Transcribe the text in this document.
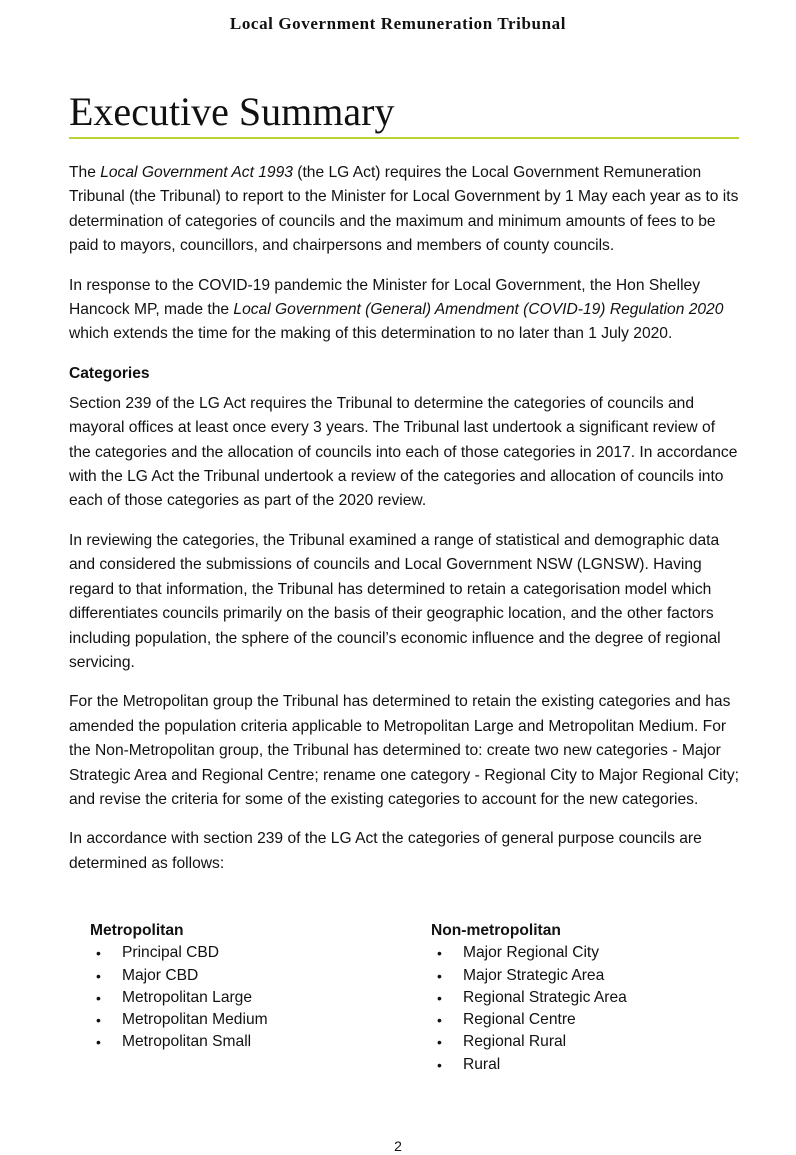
Local Government Remuneration Tribunal
Executive Summary

The Local Government Act 1993 (the LG Act) requires the Local Government Remuneration Tribunal (the Tribunal) to report to the Minister for Local Government by 1 May each year as to its determination of categories of councils and the maximum and minimum amounts of fees to be paid to mayors, councillors, and chairpersons and members of county councils.

In response to the COVID-19 pandemic the Minister for Local Government, the Hon Shelley Hancock MP, made the Local Government (General) Amendment (COVID-19) Regulation 2020 which extends the time for the making of this determination to no later than 1 July 2020.

Categories

Section 239 of the LG Act requires the Tribunal to determine the categories of councils and mayoral offices at least once every 3 years. The Tribunal last undertook a significant review of the categories and the allocation of councils into each of those categories in 2017. In accordance with the LG Act the Tribunal undertook a review of the categories and allocation of councils into each of those categories as part of the 2020 review.

In reviewing the categories, the Tribunal examined a range of statistical and demographic data and considered the submissions of councils and Local Government NSW (LGNSW). Having regard to that information, the Tribunal has determined to retain a categorisation model which differentiates councils primarily on the basis of their geographic location, and the other factors including population, the sphere of the council’s economic influence and the degree of regional servicing.

For the Metropolitan group the Tribunal has determined to retain the existing categories and has amended the population criteria applicable to Metropolitan Large and Metropolitan Medium. For the Non-Metropolitan group, the Tribunal has determined to: create two new categories - Major Strategic Area and Regional Centre; rename one category - Regional City to Major Regional City; and revise the criteria for some of the existing categories to account for the new categories.

In accordance with section 239 of the LG Act the categories of general purpose councils are determined as follows:

Metropolitan
• Principal CBD
• Major CBD
• Metropolitan Large
• Metropolitan Medium
• Metropolitan Small
Non-metropolitan
• Major Regional City
• Major Strategic Area
• Regional Strategic Area
• Regional Centre
• Regional Rural
• Rural
2
